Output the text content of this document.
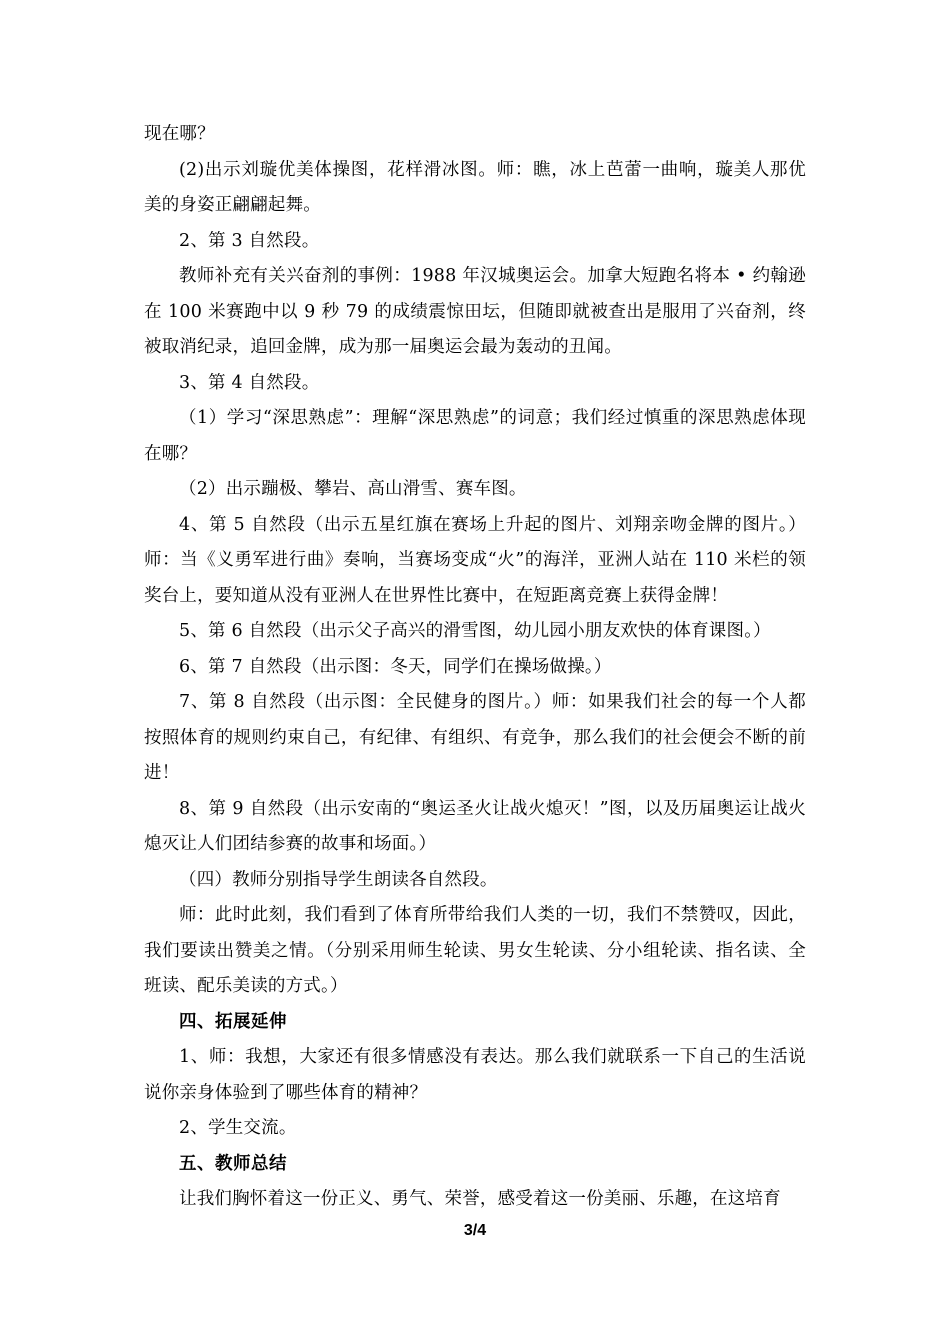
现在哪？

(2)出示刘璇优美体操图，花样滑冰图。师：瞧，冰上芭蕾一曲响，璇美人那优美的身姿正翩翩起舞。

2、第 3 自然段。

教师补充有关兴奋剂的事例：1988 年汉城奥运会。加拿大短跑名将本 • 约翰逊在 100 米赛跑中以 9 秒 79 的成绩震惊田坛，但随即就被查出是服用了兴奋剂，终被取消纪录，追回金牌，成为那一届奥运会最为轰动的丑闻。

3、第 4 自然段。

（1）学习“深思熟虑”：理解“深思熟虑”的词意；我们经过慎重的深思熟虑体现在哪？

（2）出示蹦极、攀岩、高山滑雪、赛车图。

4、第 5 自然段（出示五星红旗在赛场上升起的图片、刘翔亲吻金牌的图片。）师：当《义勇军进行曲》奏响，当赛场变成“火”的海洋，亚洲人站在 110 米栏的领奖台上，要知道从没有亚洲人在世界性比赛中，在短距离竞赛上获得金牌！

5、第 6 自然段（出示父子高兴的滑雪图，幼儿园小朋友欢快的体育课图。）

6、第 7 自然段（出示图：冬天，同学们在操场做操。）

7、第 8 自然段（出示图：全民健身的图片。）师：如果我们社会的每一个人都按照体育的规则约束自己，有纪律、有组织、有竞争，那么我们的社会便会不断的前进！

8、第 9 自然段（出示安南的“奥运圣火让战火熄灭！”图，以及历届奥运让战火熄灭让人们团结参赛的故事和场面。）

（四）教师分别指导学生朗读各自然段。

师：此时此刻，我们看到了体育所带给我们人类的一切，我们不禁赞叹，因此，我们要读出赞美之情。（分别采用师生轮读、男女生轮读、分小组轮读、指名读、全班读、配乐美读的方式。）

四、拓展延伸

1、师：我想，大家还有很多情感没有表达。那么我们就联系一下自己的生活说说你亲身体验到了哪些体育的精神？

2、学生交流。

五、教师总结

让我们胸怀着这一份正义、勇气、荣誉，感受着这一份美丽、乐趣，在这培育

3/4
